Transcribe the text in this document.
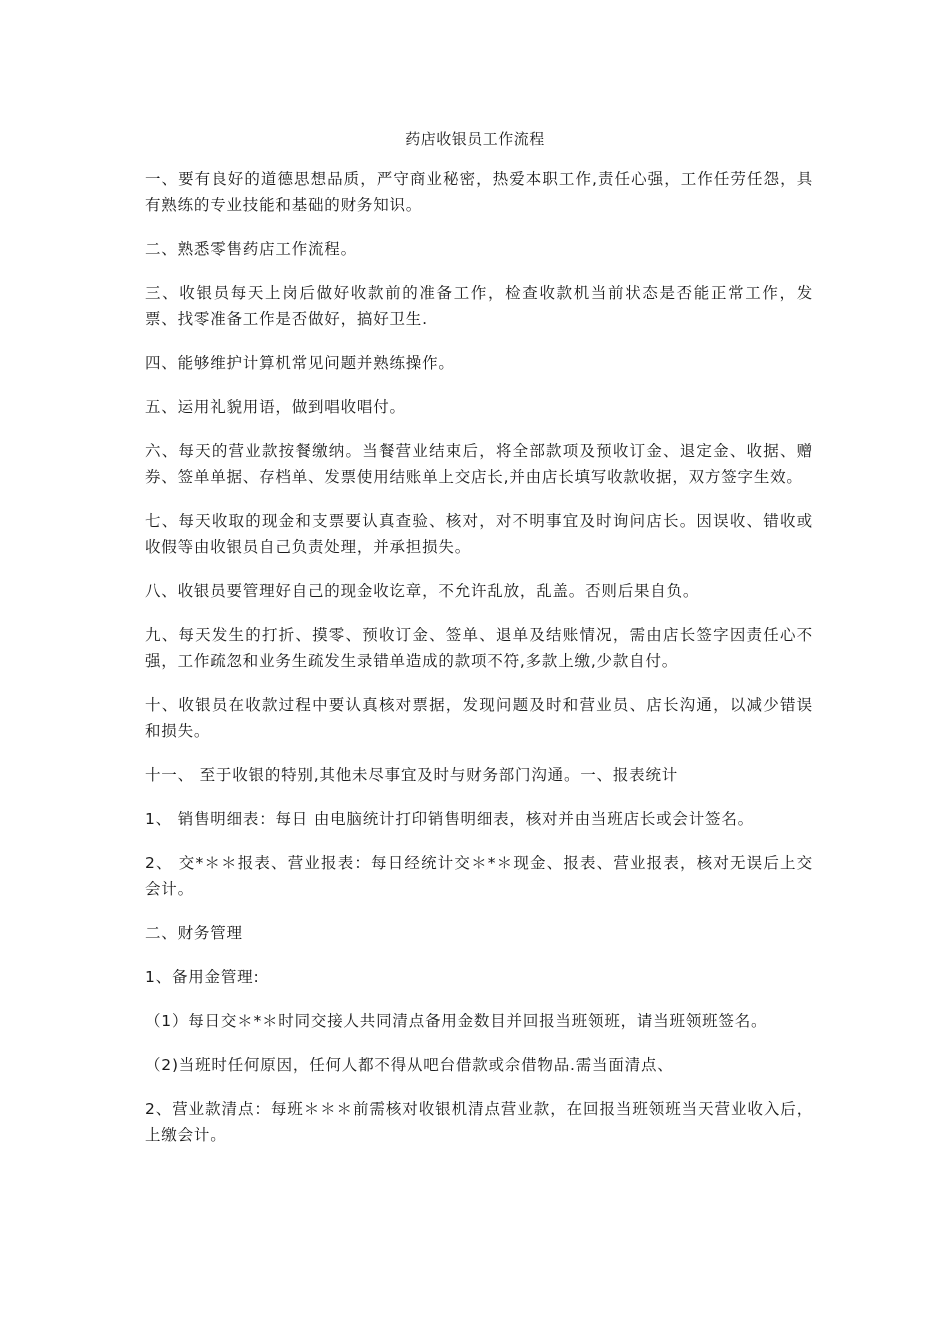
药店收银员工作流程

一、要有良好的道德思想品质，严守商业秘密，热爱本职工作,责任心强，工作任劳任怨，具有熟练的专业技能和基础的财务知识。

二、熟悉零售药店工作流程。

三、收银员每天上岗后做好收款前的准备工作，检查收款机当前状态是否能正常工作，发票、找零准备工作是否做好，搞好卫生.

四、能够维护计算机常见问题并熟练操作。

五、运用礼貌用语，做到唱收唱付。

六、每天的营业款按餐缴纳。当餐营业结束后，将全部款项及预收订金、退定金、收据、赠券、签单单据、存档单、发票使用结账单上交店长,并由店长填写收款收据，双方签字生效。

七、每天收取的现金和支票要认真查验、核对，对不明事宜及时询问店长。因误收、错收或收假等由收银员自己负责处理，并承担损失。

八、收银员要管理好自己的现金收讫章，不允许乱放，乱盖。否则后果自负。

九、每天发生的打折、摸零、预收订金、签单、退单及结账情况，需由店长签字因责任心不强，工作疏忽和业务生疏发生录错单造成的款项不符,多款上缴,少款自付。

十、收银员在收款过程中要认真核对票据，发现问题及时和营业员、店长沟通，以减少错误和损失。

十一、 至于收银的特别,其他未尽事宜及时与财务部门沟通。一、报表统计

1、 销售明细表：每日 由电脑统计打印销售明细表，核对并由当班店长或会计签名。

2、 交*＊＊报表、营业报表：每日经统计交＊*＊现金、报表、营业报表，核对无误后上交会计。

二、财务管理

1、备用金管理:

（1）每日交＊*＊时同交接人共同清点备用金数目并回报当班领班，请当班领班签名。

（2)当班时任何原因，任何人都不得从吧台借款或佘借物品.需当面清点、

2、营业款清点：每班＊＊＊前需核对收银机清点营业款，在回报当班领班当天营业收入后，上缴会计。
